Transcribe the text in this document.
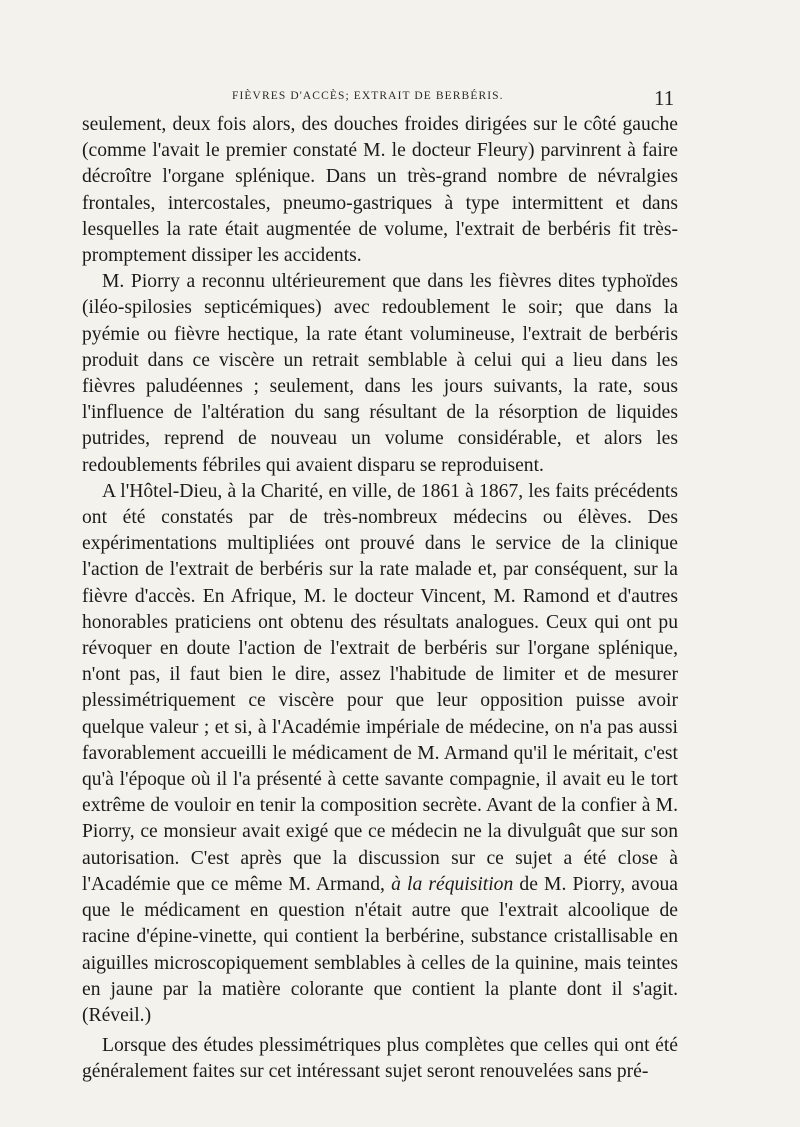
FIÈVRES D'ACCÈS; EXTRAIT DE BERBÉRIS.	11

seulement, deux fois alors, des douches froides dirigées sur le côté gauche (comme l'avait le premier constaté M. le docteur Fleury) parvinrent à faire décroître l'organe splénique. Dans un très-grand nombre de névralgies frontales, intercostales, pneumo-gastriques à type intermittent et dans lesquelles la rate était augmentée de volume, l'extrait de berbéris fit très-promptement dissiper les accidents.

M. Piorry a reconnu ultérieurement que dans les fièvres dites typhoïdes (iléo-spilosies septicémiques) avec redoublement le soir; que dans la pyémie ou fièvre hectique, la rate étant volumineuse, l'extrait de berbéris produit dans ce viscère un retrait semblable à celui qui a lieu dans les fièvres paludéennes ; seulement, dans les jours suivants, la rate, sous l'influence de l'altération du sang résultant de la résorption de liquides putrides, reprend de nouveau un volume considérable, et alors les redoublements fébriles qui avaient disparu se reproduisent.

A l'Hôtel-Dieu, à la Charité, en ville, de 1861 à 1867, les faits précédents ont été constatés par de très-nombreux médecins ou élèves. Des expérimentations multipliées ont prouvé dans le service de la clinique l'action de l'extrait de berbéris sur la rate malade et, par conséquent, sur la fièvre d'accès. En Afrique, M. le docteur Vincent, M. Ramond et d'autres honorables praticiens ont obtenu des résultats analogues. Ceux qui ont pu révoquer en doute l'action de l'extrait de berbéris sur l'organe splénique, n'ont pas, il faut bien le dire, assez l'habitude de limiter et de mesurer plessimétriquement ce viscère pour que leur opposition puisse avoir quelque valeur ; et si, à l'Académie impériale de médecine, on n'a pas aussi favorablement accueilli le médicament de M. Armand qu'il le méritait, c'est qu'à l'époque où il l'a présenté à cette savante compagnie, il avait eu le tort extrême de vouloir en tenir la composition secrète. Avant de la confier à M. Piorry, ce monsieur avait exigé que ce médecin ne la divulguât que sur son autorisation. C'est après que la discussion sur ce sujet a été close à l'Académie que ce même M. Armand, à la réquisition de M. Piorry, avoua que le médicament en question n'était autre que l'extrait alcoolique de racine d'épine-vinette, qui contient la berbérine, substance cristallisable en aiguilles microscopiquement semblables à celles de la quinine, mais teintes en jaune par la matière colorante que contient la plante dont il s'agit. (Réveil.)

Lorsque des études plessimétriques plus complètes que celles qui ont été généralement faites sur cet intéressant sujet seront renouvelées sans pré-
